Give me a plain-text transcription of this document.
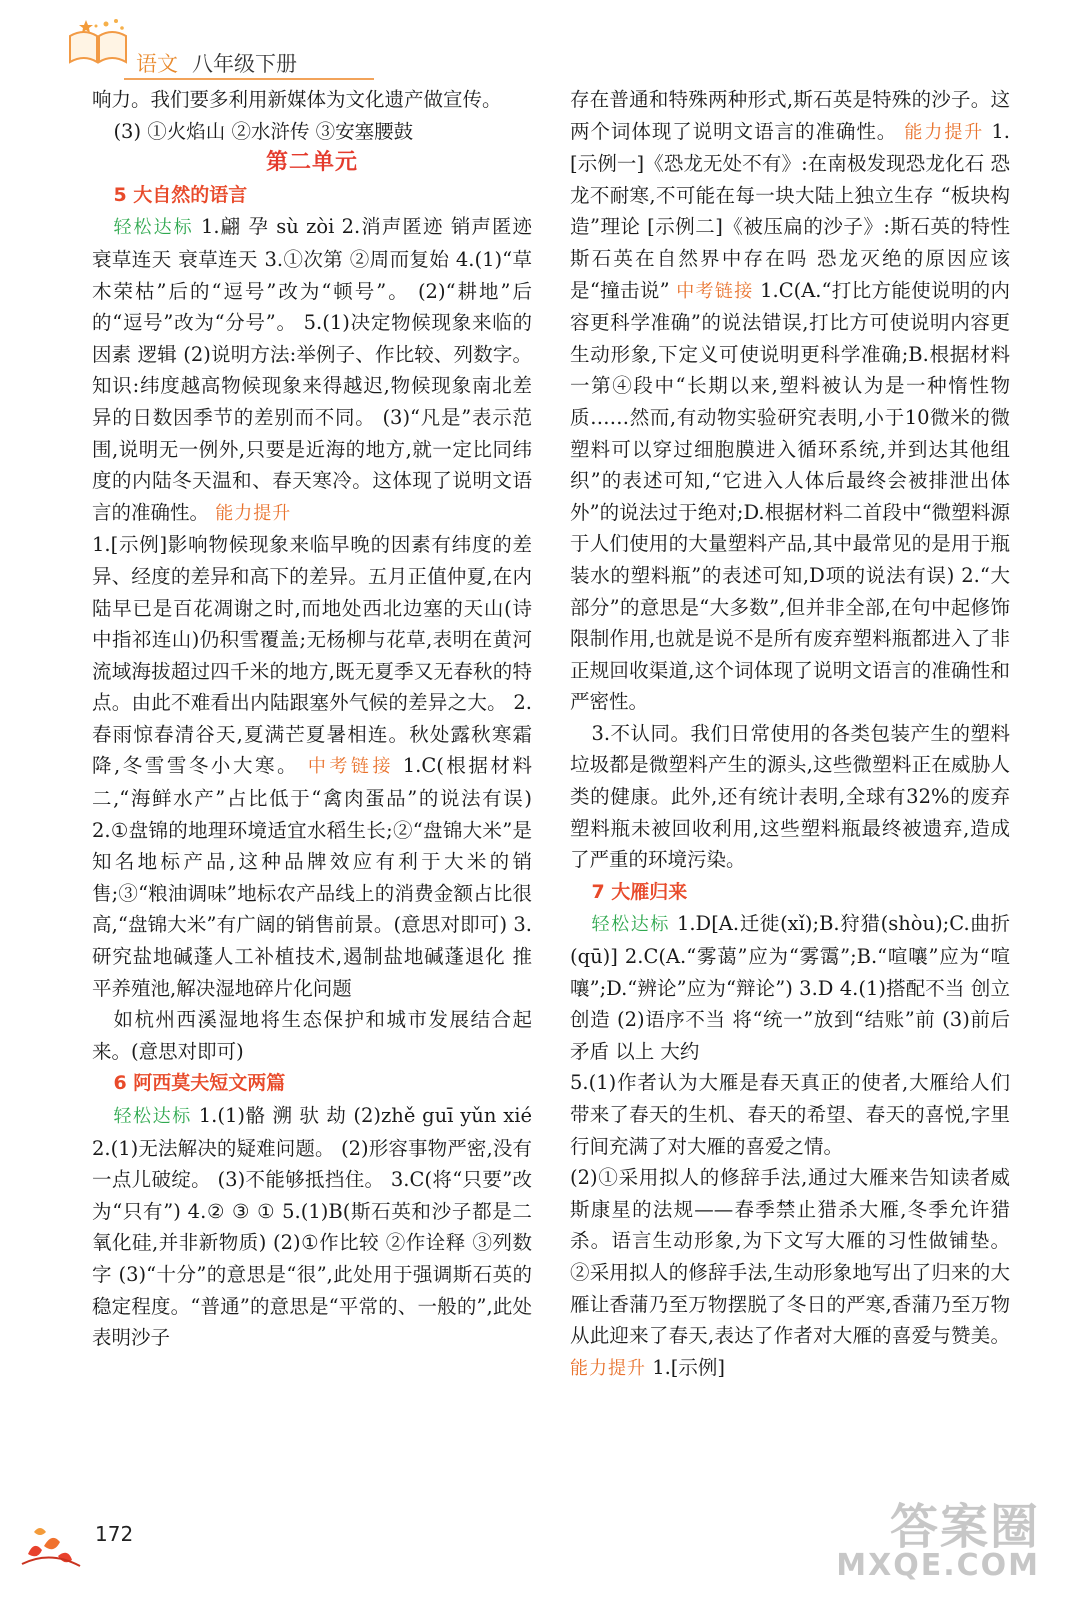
语文 八年级下册

响力。我们要多利用新媒体为文化遗产做宣传。

(3) ①火焰山 ②水浒传 ③安塞腰鼓

第二单元

5 大自然的语言

轻松达标 1.翩 孕 sù zòi 2.消声匿迹 销声匿迹 衰草连天 衰草连天 3.①次第 ②周而复始 4.(1)“草木荣枯”后的“逗号”改为“顿号”。 (2)“耕地”后的“逗号”改为“分号”。 5.(1)决定物候现象来临的因素 逻辑 (2)说明方法:举例子、作比较、列数字。知识:纬度越高物候现象来得越迟,物候现象南北差异的日数因季节的差别而不同。 (3)“凡是”表示范围,说明无一例外,只要是近海的地方,就一定比同纬度的内陆冬天温和、春天寒冷。这体现了说明文语言的准确性。 能力提升

1.[示例]影响物候现象来临早晚的因素有纬度的差异、经度的差异和高下的差异。五月正值仲夏,在内陆早已是百花凋谢之时,而地处西北边塞的天山(诗中指祁连山)仍积雪覆盖;无杨柳与花草,表明在黄河流域海拔超过四千米的地方,既无夏季又无春秋的特点。由此不难看出内陆跟塞外气候的差异之大。 2.春雨惊春清谷天,夏满芒夏暑相连。秋处露秋寒霜降,冬雪雪冬小大寒。 中考链接 1.C(根据材料二,“海鲜水产”占比低于“禽肉蛋品”的说法有误) 2.①盘锦的地理环境适宜水稻生长;②“盘锦大米”是知名地标产品,这种品牌效应有利于大米的销售;③“粮油调味”地标农产品线上的消费金额占比很高,“盘锦大米”有广阔的销售前景。(意思对即可) 3.研究盐地碱蓬人工补植技术,遏制盐地碱蓬退化 推平养殖池,解决湿地碎片化问题

如杭州西溪湿地将生态保护和城市发展结合起来。(意思对即可)

6 阿西莫夫短文两篇

轻松达标 1.(1)骼 溯 驮 劫 (2)zhě guī yǔn xié 2.(1)无法解决的疑难问题。 (2)形容事物严密,没有一点儿破绽。 (3)不能够抵挡住。 3.C(将“只要”改为“只有”) 4.② ③ ① 5.(1)B(斯石英和沙子都是二氧化硅,并非新物质) (2)①作比较 ②作诠释 ③列数字 (3)“十分”的意思是“很”,此处用于强调斯石英的稳定程度。“普通”的意思是“平常的、一般的”,此处表明沙子

存在普通和特殊两种形式,斯石英是特殊的沙子。这两个词体现了说明文语言的准确性。 能力提升 1.[示例一]《恐龙无处不有》:在南极发现恐龙化石 恐龙不耐寒,不可能在每一块大陆上独立生存 “板块构造”理论 [示例二]《被压扁的沙子》:斯石英的特性 斯石英在自然界中存在吗 恐龙灭绝的原因应该是“撞击说” 中考链接 1.C(A.“打比方能使说明的内容更科学准确”的说法错误,打比方可使说明内容更生动形象,下定义可使说明更科学准确;B.根据材料一第④段中“长期以来,塑料被认为是一种惰性物质……然而,有动物实验研究表明,小于10微米的微塑料可以穿过细胞膜进入循环系统,并到达其他组织”的表述可知,“它进入人体后最终会被排泄出体外”的说法过于绝对;D.根据材料二首段中“微塑料源于人们使用的大量塑料产品,其中最常见的是用于瓶装水的塑料瓶”的表述可知,D项的说法有误) 2.“大部分”的意思是“大多数”,但并非全部,在句中起修饰限制作用,也就是说不是所有废弃塑料瓶都进入了非正规回收渠道,这个词体现了说明文语言的准确性和严密性。

3.不认同。我们日常使用的各类包装产生的塑料垃圾都是微塑料产生的源头,这些微塑料正在威胁人类的健康。此外,还有统计表明,全球有32%的废弃塑料瓶未被回收利用,这些塑料瓶最终被遗弃,造成了严重的环境污染。

7 大雁归来

轻松达标 1.D[A.迁徙(xǐ);B.狩猎(shòu);C.曲折(qū)] 2.C(A.“雾蔼”应为“雾霭”;B.“喧嚷”应为“喧嚷”;D.“辨论”应为“辩论”) 3.D 4.(1)搭配不当 创立 创造 (2)语序不当 将“统一”放到“结账”前 (3)前后矛盾 以上 大约

5.(1)作者认为大雁是春天真正的使者,大雁给人们带来了春天的生机、春天的希望、春天的喜悦,字里行间充满了对大雁的喜爱之情。

(2)①采用拟人的修辞手法,通过大雁来告知读者威斯康星的法规——春季禁止猎杀大雁,冬季允许猎杀。语言生动形象,为下文写大雁的习性做铺垫。 ②采用拟人的修辞手法,生动形象地写出了归来的大雁让香蒲乃至万物摆脱了冬日的严寒,香蒲乃至万物从此迎来了春天,表达了作者对大雁的喜爱与赞美。 能力提升 1.[示例]

172	答案圈
MXQE.COM
